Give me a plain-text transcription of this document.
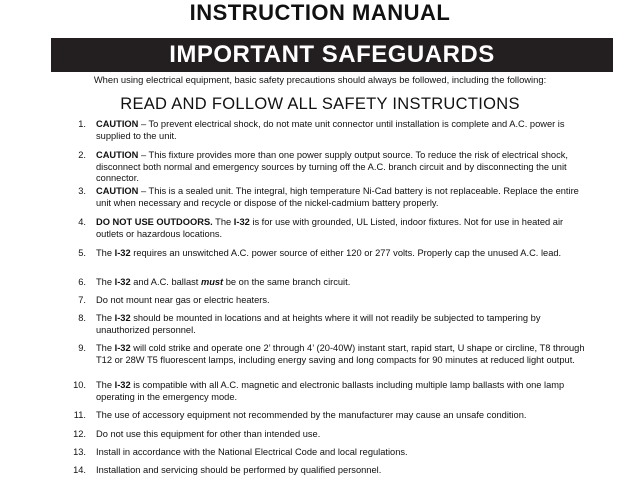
INSTRUCTION MANUAL
IMPORTANT SAFEGUARDS
When using electrical equipment, basic safety precautions should always be followed, including the following:
READ AND FOLLOW ALL SAFETY INSTRUCTIONS
1. CAUTION – To prevent electrical shock, do not mate unit connector until installation is complete and A.C. power is supplied to the unit.
2. CAUTION – This fixture provides more than one power supply output source. To reduce the risk of electrical shock, disconnect both normal and emergency sources by turning off the A.C. branch circuit and by disconnecting the unit connector.
3. CAUTION – This is a sealed unit. The integral, high temperature Ni-Cad battery is not replaceable. Replace the entire unit when necessary and recycle or dispose of the nickel-cadmium battery properly.
4. DO NOT USE OUTDOORS. The I-32 is for use with grounded, UL Listed, indoor fixtures. Not for use in heated air outlets or hazardous locations.
5. The I-32 requires an unswitched A.C. power source of either 120 or 277 volts. Properly cap the unused A.C. lead.
6. The I-32 and A.C. ballast must be on the same branch circuit.
7. Do not mount near gas or electric heaters.
8. The I-32 should be mounted in locations and at heights where it will not readily be subjected to tampering by unauthorized personnel.
9. The I-32 will cold strike and operate one 2’ through 4’ (20-40W) instant start, rapid start, U shape or circline, T8 through T12 or 28W T5 fluorescent lamps, including energy saving and long compacts for 90 minutes at reduced light output.
10. The I-32 is compatible with all A.C. magnetic and electronic ballasts including multiple lamp ballasts with one lamp operating in the emergency mode.
11. The use of accessory equipment not recommended by the manufacturer may cause an unsafe condition.
12. Do not use this equipment for other than intended use.
13. Install in accordance with the National Electrical Code and local regulations.
14. Installation and servicing should be performed by qualified personnel.
